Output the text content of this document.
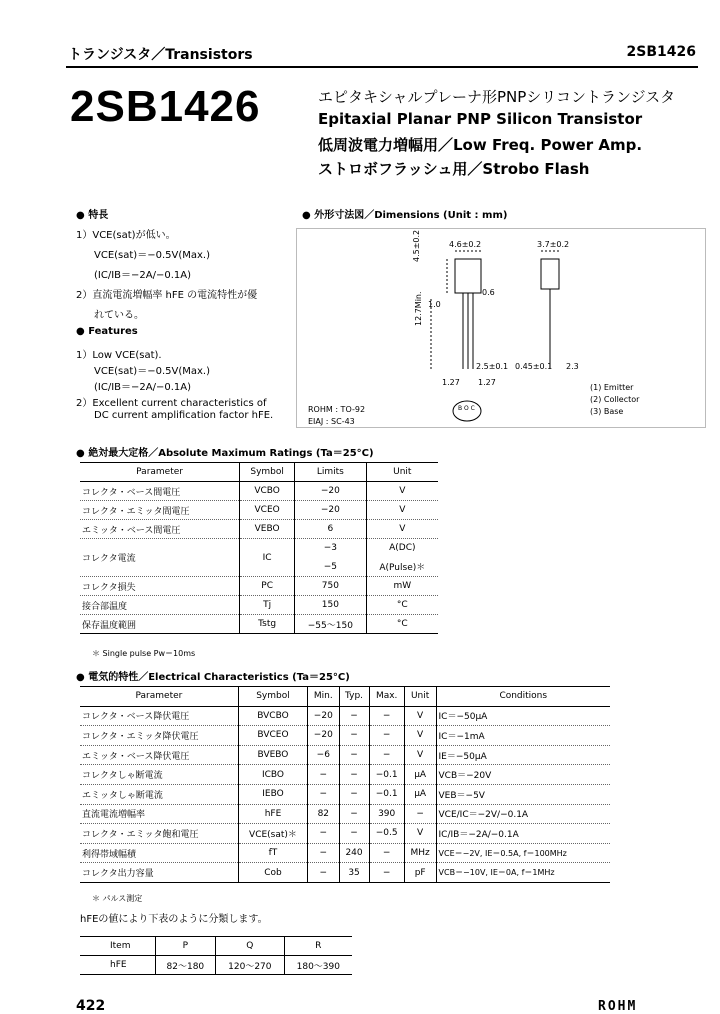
トランジスタ／Transistors	2SB1426
2SB1426	エピタキシャルプレーナ形PNPシリコントランジスタ
Epitaxial Planar PNP Silicon Transistor
低周波電力増幅用／Low Freq. Power Amp.
ストロボフラッシュ用／Strobo Flash
● 特長
1）VCE(sat)が低い。
VCE(sat)＝−0.5V(Max.)
(IC/IB＝−2A/−0.1A)
2）直流電流増幅率 hFE の電流特性が優
れている。
● Features
1）Low VCE(sat).
VCE(sat)＝−0.5V(Max.)
(IC/IB＝−2A/−0.1A)
2）Excellent current characteristics of
DC current amplification factor hFE.
● 外形寸法図／Dimensions (Unit : mm)
4.6±0.2	3.7±0.2
4.5±0.2
0.6
1.0
12.7Min.
2.5±0.1 0.45±0.1 2.3
1.27 1.27
B O C
(1) Emitter
(2) Collector
(3) Base
ROHM : TO-92
EIAJ : SC-43
● 絶対最大定格／Absolute Maximum Ratings (Ta＝25°C)
Parameter	Symbol	Limits	Unit
コレクタ・ベース間電圧	VCBO	−20	V
コレクタ・エミッタ間電圧	VCEO	−20	V
エミッタ・ベース間電圧	VEBO	6	V
コレクタ電流	IC	−3	A(DC)
		−5	A(Pulse)＊
コレクタ損失	PC	750	mW
接合部温度	Tj	150	°C
保存温度範囲	Tstg	−55〜150	°C
＊ Single pulse Pw＝10ms
● 電気的特性／Electrical Characteristics (Ta＝25°C)
Parameter	Symbol	Min.	Typ.	Max.	Unit	Conditions
コレクタ・ベース降伏電圧	BVCBO	−20	−	−	V	IC＝−50μA
コレクタ・エミッタ降伏電圧	BVCEO	−20	−	−	V	IC＝−1mA
エミッタ・ベース降伏電圧	BVEBO	−6	−	−	V	IE＝−50μA
コレクタしゃ断電流	ICBO	−	−	−0.1	μA	VCB＝−20V
エミッタしゃ断電流	IEBO	−	−	−0.1	μA	VEB＝−5V
直流電流増幅率	hFE	82	−	390	−	VCE/IC＝−2V/−0.1A
コレクタ・エミッタ飽和電圧	VCE(sat)＊	−	−	−0.5	V	IC/IB＝−2A/−0.1A
利得帯域幅積	fT	−	240	−	MHz	VCE＝−2V, IE＝0.5A, f＝100MHz
コレクタ出力容量	Cob	−	35	−	pF	VCB＝−10V, IE＝0A, f＝1MHz
＊ パルス測定
hFEの値により下表のように分類します。
Item	P	Q	R
hFE	82〜180	120〜270	180〜390
422	ROHM
